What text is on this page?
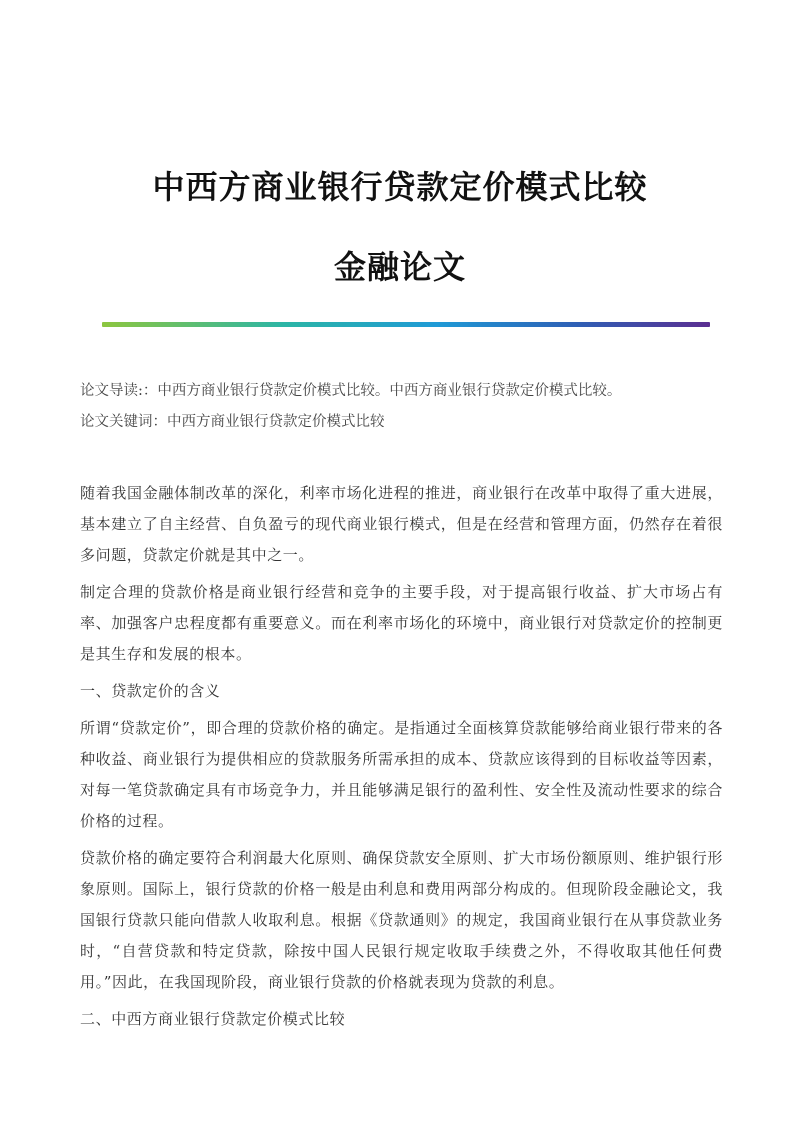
中西方商业银行贷款定价模式比较
金融论文

论文导读:：中西方商业银行贷款定价模式比较。中西方商业银行贷款定价模式比较。

论文关键词：中西方商业银行贷款定价模式比较

随着我国金融体制改革的深化，利率市场化进程的推进，商业银行在改革中取得了重大进展，基本建立了自主经营、自负盈亏的现代商业银行模式，但是在经营和管理方面，仍然存在着很多问题，贷款定价就是其中之一。

制定合理的贷款价格是商业银行经营和竞争的主要手段，对于提高银行收益、扩大市场占有率、加强客户忠程度都有重要意义。而在利率市场化的环境中，商业银行对贷款定价的控制更是其生存和发展的根本。

一、贷款定价的含义

所谓“贷款定价”，即合理的贷款价格的确定。是指通过全面核算贷款能够给商业银行带来的各种收益、商业银行为提供相应的贷款服务所需承担的成本、贷款应该得到的目标收益等因素，对每一笔贷款确定具有市场竞争力，并且能够满足银行的盈利性、安全性及流动性要求的综合价格的过程。

贷款价格的确定要符合利润最大化原则、确保贷款安全原则、扩大市场份额原则、维护银行形象原则。国际上，银行贷款的价格一般是由利息和费用两部分构成的。但现阶段金融论文，我国银行贷款只能向借款人收取利息。根据《贷款通则》的规定，我国商业银行在从事贷款业务时，“自营贷款和特定贷款，除按中国人民银行规定收取手续费之外，不得收取其他任何费用。”因此，在我国现阶段，商业银行贷款的价格就表现为贷款的利息。

二、中西方商业银行贷款定价模式比较
